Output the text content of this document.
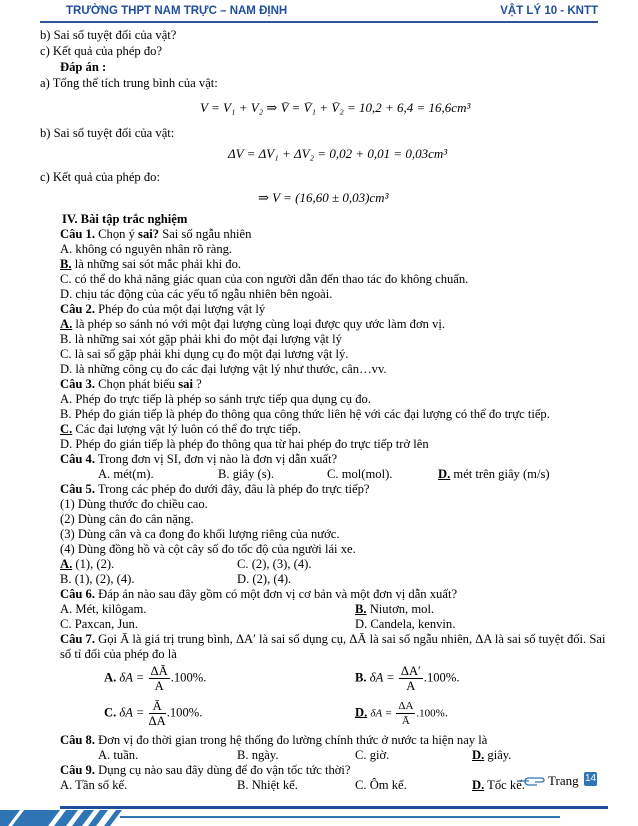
TRƯỜNG THPT NAM TRỰC – NAM ĐỊNH	VẬT LÝ 10 - KNTT
b) Sai số tuyệt đối của vật?
c) Kết quả của phép đo?
Đáp án :
a) Tổng thể tích trung bình của vật:
V = V₁ + V₂ ⇒ V̄ = V̄₁ + V̄₂ = 10,2 + 6,4 = 16,6cm³
b) Sai số tuyệt đối của vật:
ΔV = ΔV₁ + ΔV₂ = 0,02 + 0,01 = 0,03cm³
c) Kết quả của phép đo:
⇒ V = (16,60 ± 0,03)cm³
IV. Bài tập trắc nghiệm
Câu 1. Chọn ý sai? Sai số ngẫu nhiên
A. không có nguyên nhân rõ ràng.
B. là những sai sót mắc phải khi đo.
C. có thể do khả năng giác quan của con người dẫn đến thao tác đo không chuẩn.
D. chịu tác động của các yếu tố ngẫu nhiên bên ngoài.
Câu 2. Phép đo của một đại lượng vật lý
A. là phép so sánh nó với một đại lượng cùng loại được quy ước làm đơn vị.
B. là những sai xót gặp phải khi đo một đại lượng vật lý
C. là sai số gặp phải khi dụng cụ đo một đại lương vật lý.
D. là những công cụ đo các đại lượng vật lý như thước, cân…vv.
Câu 3. Chọn phát biểu sai ?
A. Phép đo trực tiếp là phép so sánh trực tiếp qua dụng cụ đo.
B. Phép đo gián tiếp là phép đo thông qua công thức liên hệ với các đại lượng có thể đo trực tiếp.
C. Các đại lượng vật lý luôn có thể đo trực tiếp.
D. Phép đo gián tiếp là phép đo thông qua từ hai phép đo trực tiếp trở lên
Câu 4. Trong đơn vị SI, đơn vị nào là đơn vị dẫn xuất?
A. mét(m).	B. giây (s).	C. mol(mol).	D. mét trên giây (m/s)
Câu 5. Trong các phép đo dưới đây, đâu là phép đo trực tiếp?
(1) Dùng thước đo chiều cao.
(2) Dùng cân đo cân nặng.
(3) Dùng cân và ca đong đo khối lượng riêng của nước.
(4) Dùng đồng hồ và cột cây số đo tốc độ của người lái xe.
A. (1), (2).	C. (2), (3), (4).
B. (1), (2), (4).	D. (2), (4).
Câu 6. Đáp án nào sau đây gồm có một đơn vị cơ bản và một đơn vị dẫn xuất?
A. Mét, kilôgam.	B. Niutơn, mol.
C. Paxcan, Jun.	D. Candela, kenvin.
Câu 7. Gọi Ā là giá trị trung bình, ΔA′ là sai số dụng cụ, ΔĀ là sai số ngẫu nhiên, ΔA là sai số tuyệt đối. Sai
số tỉ đối của phép đo là
A. $\delta A = \frac{\Delta Ā}{A} .100\%$.	B. $\delta A = \frac{\Delta A'}{A} .100\%$.
C. $\delta A = \frac{Ā}{\Delta A} .100\%$.	D. $\delta A = \frac{\Delta A}{Ā} .100\%$.
Câu 8. Đơn vị đo thời gian trong hệ thống đo lường chính thức ở nước ta hiện nay là
A. tuần.	B. ngày.	C. giờ.	D. giây.
Câu 9. Dụng cụ nào sau đây dùng để đo vận tốc tức thời?
A. Tần số kế.	B. Nhiệt kế.	C. Ôm kế.	D. Tốc kế. Trang 14
